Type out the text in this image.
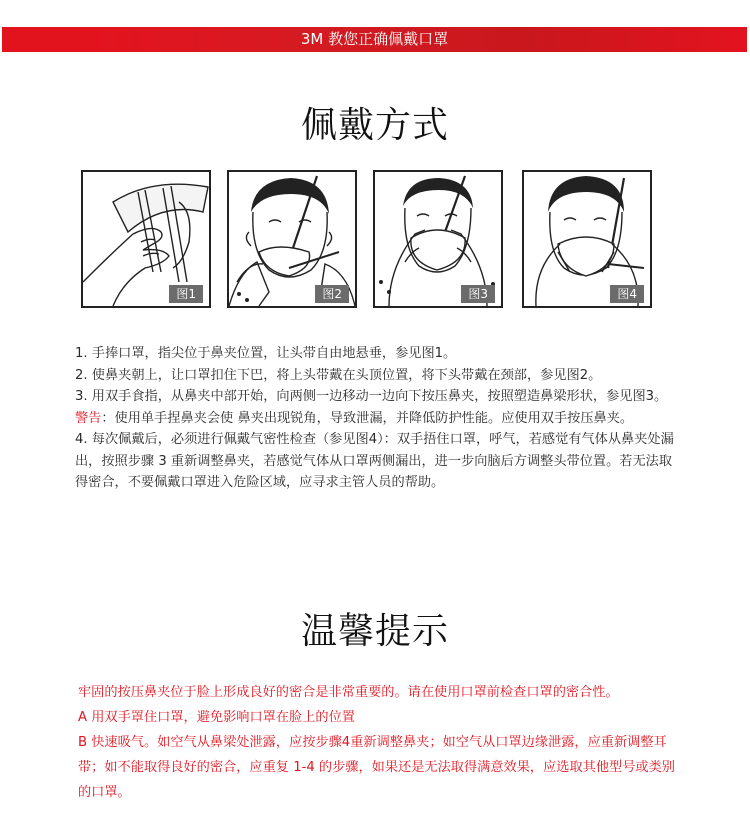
3M 教您正确佩戴口罩
佩戴方式
图1	图2	图3	图4

1. 手捧口罩，指尖位于鼻夹位置，让头带自由地悬垂，参见图1。

2. 使鼻夹朝上，让口罩扣住下巴，将上头带戴在头顶位置，将下头带戴在颈部，参见图2。

3. 用双手食指，从鼻夹中部开始，向两侧一边移动一边向下按压鼻夹，按照塑造鼻梁形状，参见图3。

警告：使用单手捏鼻夹会使 鼻夹出现锐角，导致泄漏，并降低防护性能。应使用双手按压鼻夹。

4. 每次佩戴后，必须进行佩戴气密性检查（参见图4）：双手捂住口罩，呼气，若感觉有气体从鼻夹处漏出，按照步骤 3 重新调整鼻夹，若感觉气体从口罩两侧漏出，进一步向脑后方调整头带位置。若无法取得密合，不要佩戴口罩进入危险区域，应寻求主管人员的帮助。

温馨提示

牢固的按压鼻夹位于脸上形成良好的密合是非常重要的。请在使用口罩前检查口罩的密合性。

A 用双手罩住口罩，避免影响口罩在脸上的位置

B 快速吸气。如空气从鼻梁处泄露，应按步骤4重新调整鼻夹；如空气从口罩边缘泄露，应重新调整耳带；如不能取得良好的密合，应重复 1-4 的步骤，如果还是无法取得满意效果，应选取其他型号或类别的口罩。
